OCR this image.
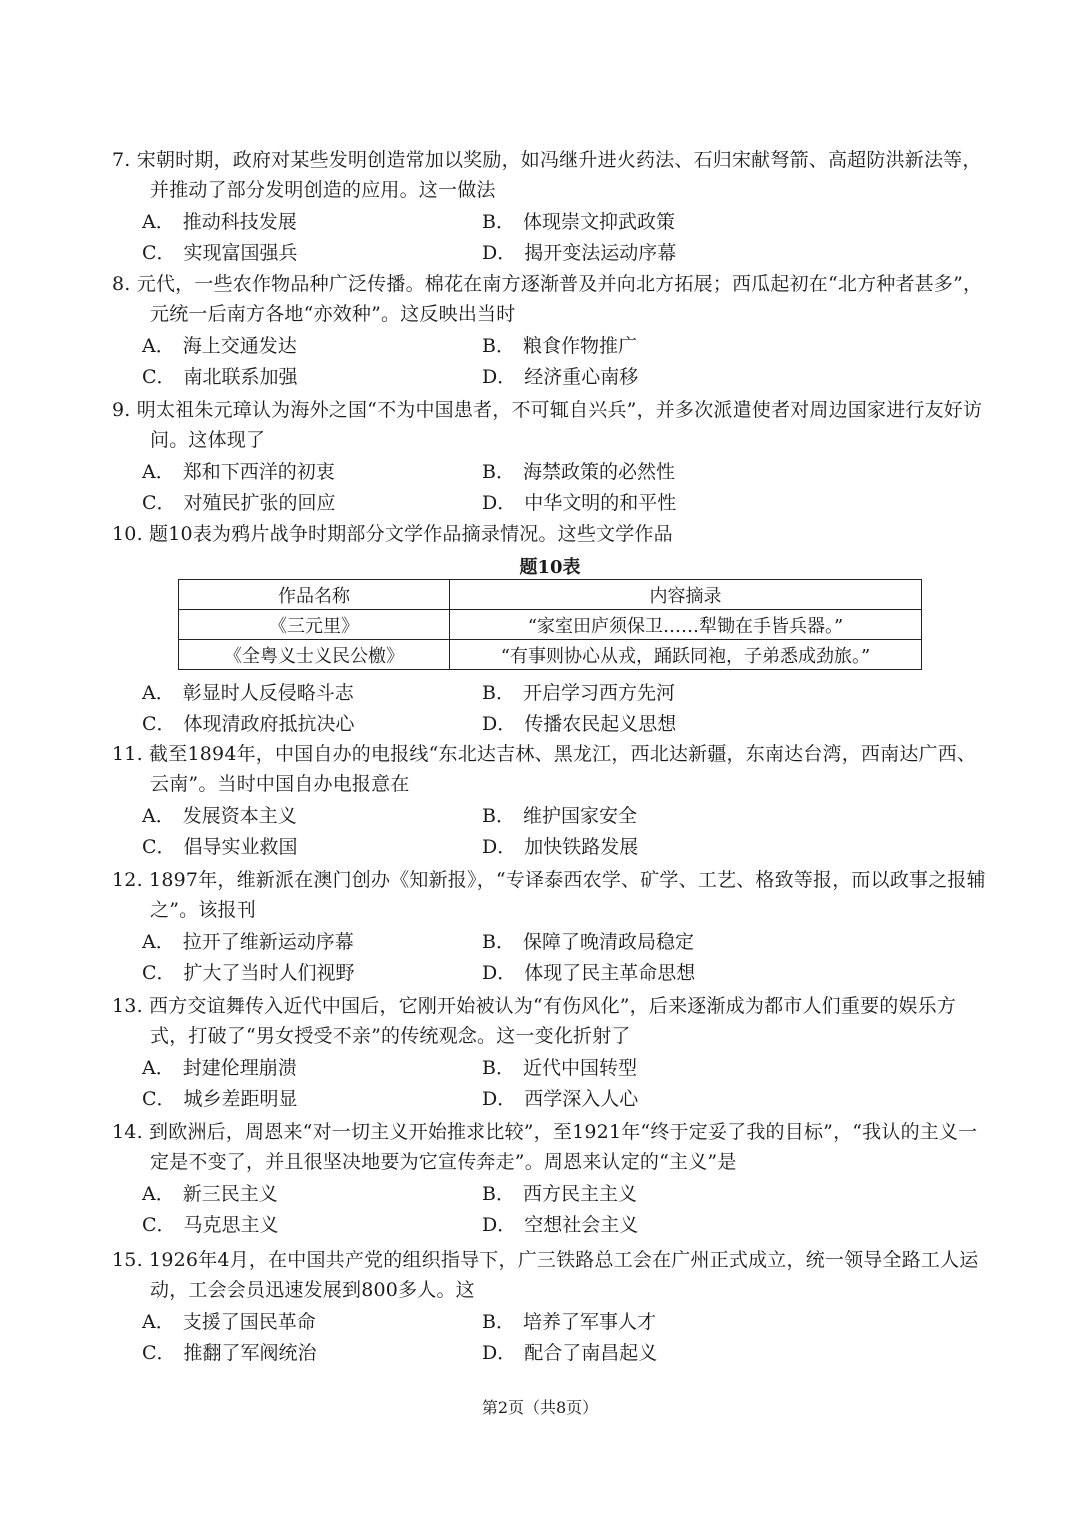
7. 宋朝时期，政府对某些发明创造常加以奖励，如冯继升进火药法、石归宋献弩箭、高超防洪新法等，并推动了部分发明创造的应用。这一做法

A． 推动科技发展	B． 体现崇文抑武政策
C． 实现富国强兵	D． 揭开变法运动序幕

8. 元代，一些农作物品种广泛传播。棉花在南方逐渐普及并向北方拓展；西瓜起初在“北方种者甚多”，元统一后南方各地“亦效种”。这反映出当时

A． 海上交通发达	B． 粮食作物推广
C． 南北联系加强	D． 经济重心南移

9. 明太祖朱元璋认为海外之国“不为中国患者，不可辄自兴兵”，并多次派遣使者对周边国家进行友好访问。这体现了

A． 郑和下西洋的初衷	B． 海禁政策的必然性
C． 对殖民扩张的回应	D． 中华文明的和平性

10. 题10表为鸦片战争时期部分文学作品摘录情况。这些文学作品

题10表
作品名称	内容摘录
《三元里》	“家室田庐须保卫……犁锄在手皆兵器。”
《全粤义士义民公檄》	“有事则协心从戎，踊跃同袍，子弟悉成劲旅。”
A． 彰显时人反侵略斗志	B． 开启学习西方先河
C． 体现清政府抵抗决心	D． 传播农民起义思想

11. 截至1894年，中国自办的电报线“东北达吉林、黑龙江，西北达新疆，东南达台湾，西南达广西、云南”。当时中国自办电报意在

A． 发展资本主义	B． 维护国家安全
C． 倡导实业救国	D． 加快铁路发展

12. 1897年，维新派在澳门创办《知新报》，“专译泰西农学、矿学、工艺、格致等报，而以政事之报辅之”。该报刊

A． 拉开了维新运动序幕	B． 保障了晚清政局稳定
C． 扩大了当时人们视野	D． 体现了民主革命思想

13. 西方交谊舞传入近代中国后，它刚开始被认为“有伤风化”，后来逐渐成为都市人们重要的娱乐方式，打破了“男女授受不亲”的传统观念。这一变化折射了

A． 封建伦理崩溃	B． 近代中国转型
C． 城乡差距明显	D． 西学深入人心

14. 到欧洲后，周恩来“对一切主义开始推求比较”，至1921年“终于定妥了我的目标”，“我认的主义一定是不变了，并且很坚决地要为它宣传奔走”。周恩来认定的“主义”是

A． 新三民主义	B． 西方民主主义
C． 马克思主义	D． 空想社会主义

15. 1926年4月，在中国共产党的组织指导下，广三铁路总工会在广州正式成立，统一领导全路工人运动，工会会员迅速发展到800多人。这

A． 支援了国民革命	B． 培养了军事人才
C． 推翻了军阀统治	D． 配合了南昌起义
第2页（共8页）
